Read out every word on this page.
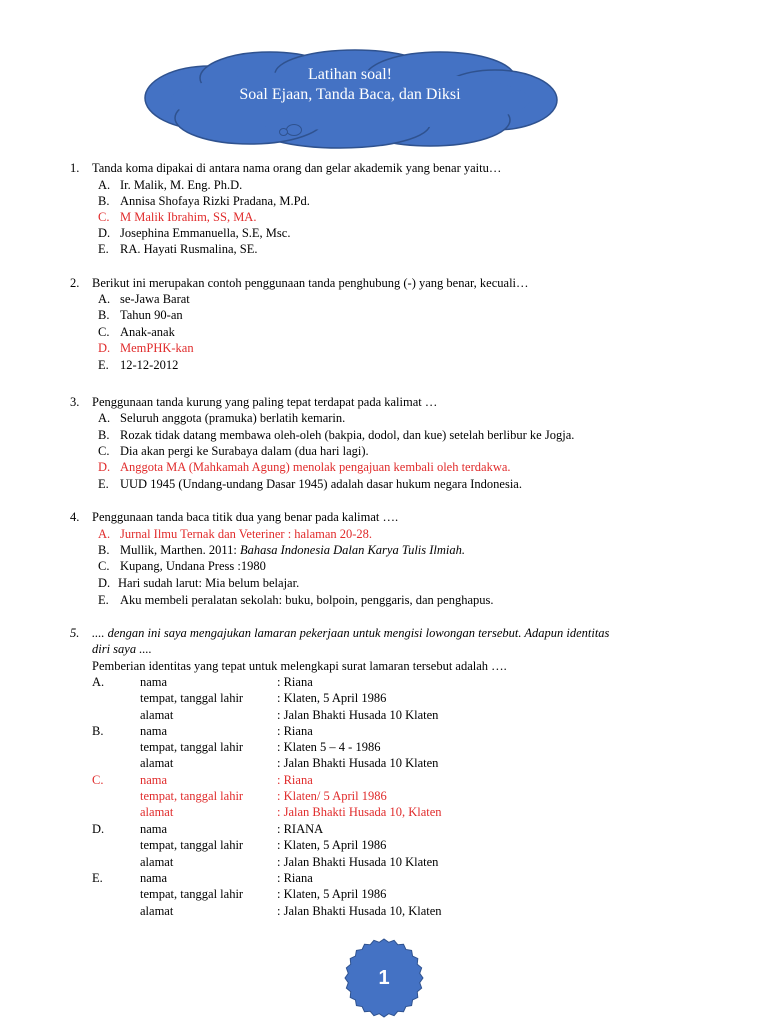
Latihan soal!
Soal Ejaan, Tanda Baca, dan Diksi
1. Tanda koma dipakai di antara nama orang dan gelar akademik yang benar yaitu…
A. Ir. Malik, M. Eng. Ph.D.
B. Annisa Shofaya Rizki Pradana, M.Pd.
C. M Malik Ibrahim, SS, MA.
D. Josephina Emmanuella, S.E, Msc.
E. RA. Hayati Rusmalina, SE.
2. Berikut ini merupakan contoh penggunaan tanda penghubung (-) yang benar, kecuali…
A. se-Jawa Barat
B. Tahun 90-an
C. Anak-anak
D. MemPHK-kan
E. 12-12-2012
3. Penggunaan tanda kurung yang paling tepat terdapat pada kalimat …
A. Seluruh anggota (pramuka) berlatih kemarin.
B. Rozak tidak datang membawa oleh-oleh (bakpia, dodol, dan kue) setelah berlibur ke Jogja.
C. Dia akan pergi ke Surabaya dalam (dua hari lagi).
D. Anggota MA (Mahkamah Agung) menolak pengajuan kembali oleh terdakwa.
E. UUD 1945 (Undang-undang Dasar 1945) adalah dasar hukum negara Indonesia.
4. Penggunaan tanda baca titik dua yang benar pada kalimat ….
A. Jurnal Ilmu Ternak dan Veteriner : halaman 20-28.
B. Mullik, Marthen. 2011: Bahasa Indonesia Dalan Karya Tulis Ilmiah.
C. Kupang, Undana Press :1980
D. Hari sudah larut: Mia belum belajar.
E. Aku membeli peralatan sekolah: buku, bolpoin, penggaris, dan penghapus.
5. .... dengan ini saya mengajukan lamaran pekerjaan untuk mengisi lowongan tersebut. Adapun identitas
diri saya ....
Pemberian identitas yang tepat untuk melengkapi surat lamaran tersebut adalah ….
A.	nama	: Riana
tempat, tanggal lahir	: Klaten, 5 April 1986
alamat	: Jalan Bhakti Husada 10 Klaten
B.	nama	: Riana
tempat, tanggal lahir	: Klaten 5 – 4 - 1986
alamat	: Jalan Bhakti Husada 10 Klaten
C.	nama	: Riana
tempat, tanggal lahir	: Klaten/ 5 April 1986
alamat	: Jalan Bhakti Husada 10, Klaten
D.	nama	: RIANA
tempat, tanggal lahir	: Klaten, 5 April 1986
alamat	: Jalan Bhakti Husada 10 Klaten
E.	nama	: Riana
tempat, tanggal lahir	: Klaten, 5 April 1986
alamat	: Jalan Bhakti Husada 10, Klaten
1
